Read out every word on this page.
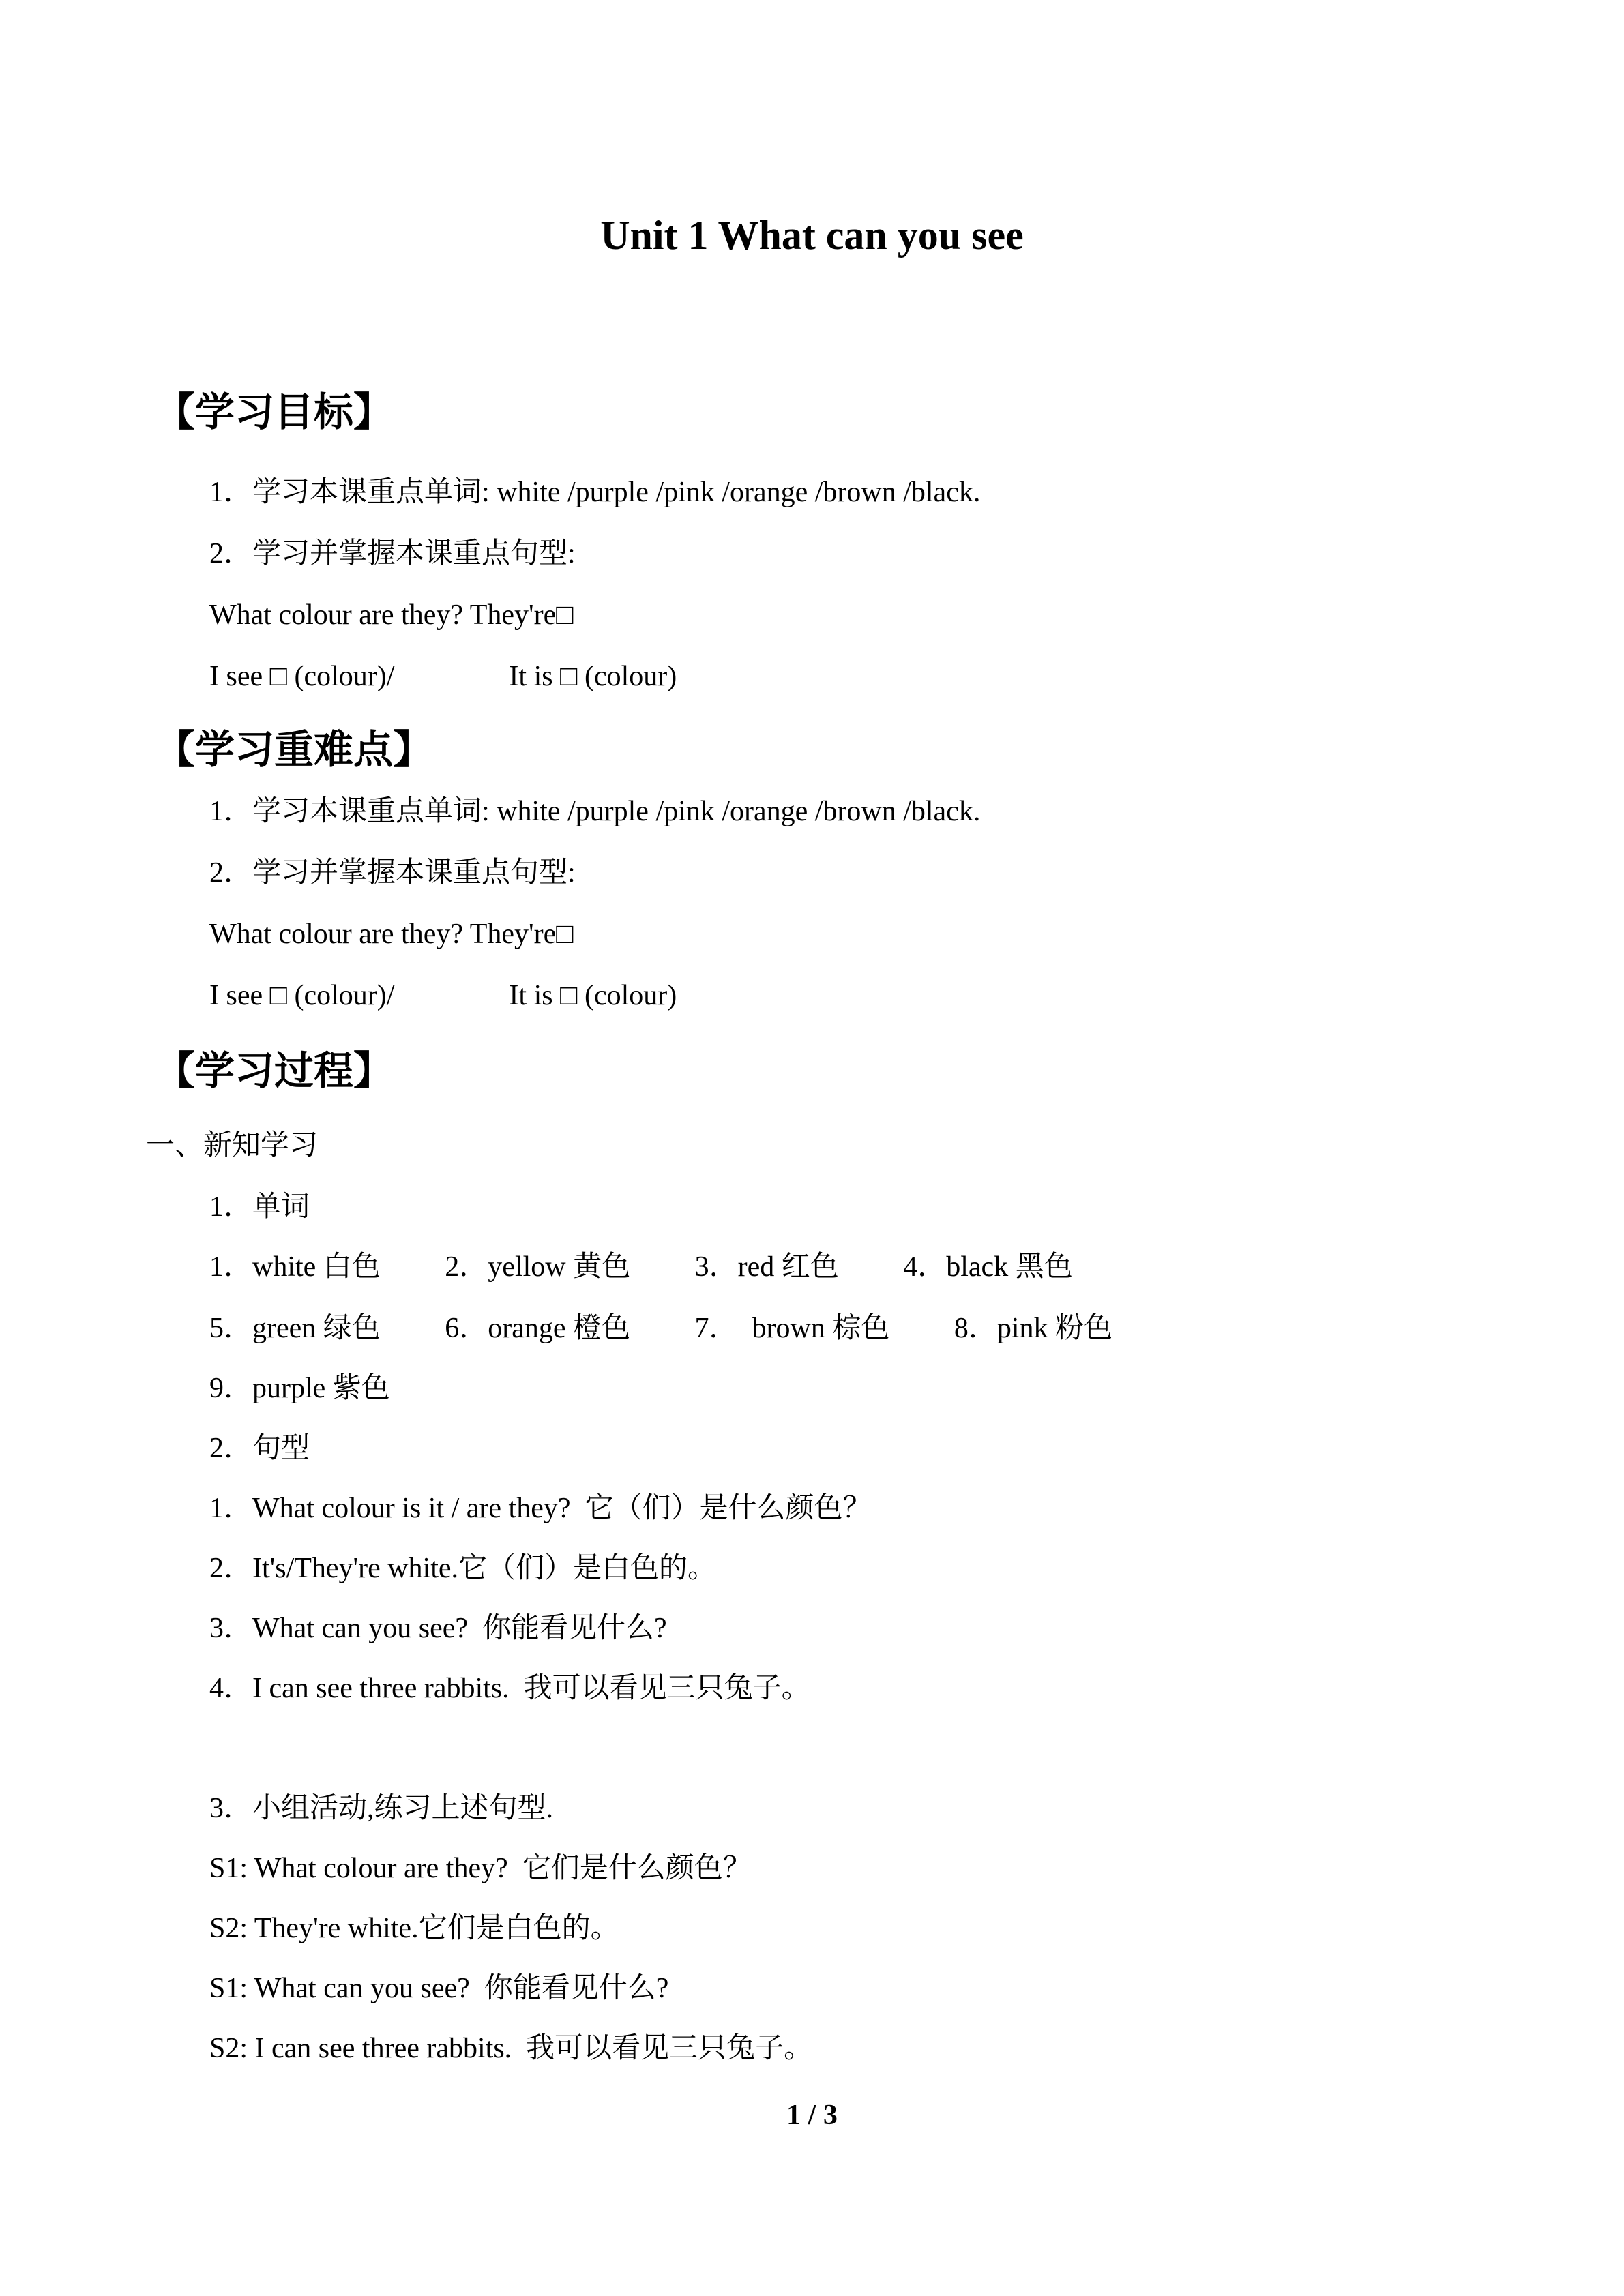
Unit 1 What can you see
【学习目标】

1．学习本课重点单词: white /purple /pink /orange /brown /black.

2．学习并掌握本课重点句型:

What colour are they? They're□

I see □ (colour)/                It is □ (colour)

【学习重难点】

1．学习本课重点单词: white /purple /pink /orange /brown /black.

2．学习并掌握本课重点句型:

What colour are they? They're□

I see □ (colour)/                It is □ (colour)

【学习过程】

一、新知学习

1．单词

1．white 白色         2．yellow 黄色         3．red 红色         4．black 黑色

5．green 绿色         6．orange 橙色         7．  brown 棕色         8．pink 粉色

9．purple 紫色

2．句型

1．What colour is it / are they?  它（们）是什么颜色？

2．It's/They're white.它（们）是白色的。

3．What can you see?  你能看见什么?

4．I can see three rabbits.  我可以看见三只兔子。

3．小组活动,练习上述句型.

S1: What colour are they?  它们是什么颜色？

S2: They're white.它们是白色的。

S1: What can you see?  你能看见什么?

S2: I can see three rabbits.  我可以看见三只兔子。

1 / 3
